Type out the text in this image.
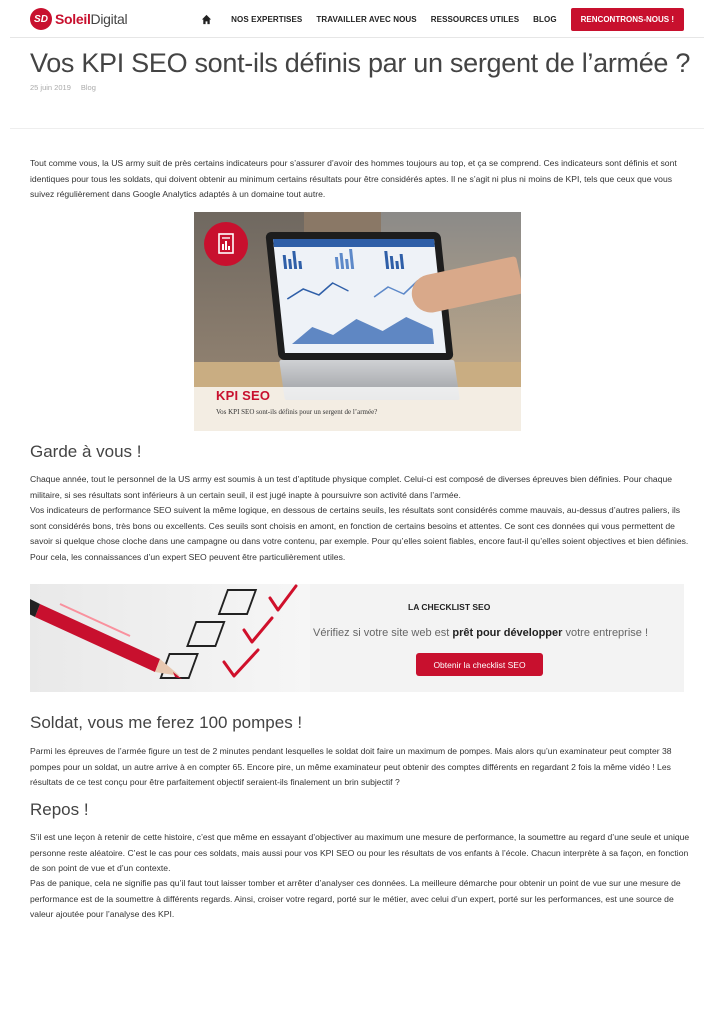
SD SoleilDigital	NOS EXPERTISES TRAVAILLER AVEC NOUS RESSOURCES UTILES BLOG	RENCONTRONS-NOUS !
Vos KPI SEO sont-ils définis par un sergent de l’armée ?
25 juin 2019 Blog

Tout comme vous, la US army suit de près certains indicateurs pour s’assurer d’avoir des hommes toujours au top, et ça se comprend. Ces indicateurs sont définis et sont identiques pour tous les soldats, qui doivent obtenir au minimum certains résultats pour être considérés aptes. Il ne s’agit ni plus ni moins de KPI, tels que ceux que vous suivez régulièrement dans Google Analytics adaptés à un domaine tout autre.

KPI SEO
Vos KPI SEO sont-ils définis pour un sergent de l’armée?
Garde à vous !

Chaque année, tout le personnel de la US army est soumis à un test d’aptitude physique complet. Celui-ci est composé de diverses épreuves bien définies. Pour chaque militaire, si ses résultats sont inférieurs à un certain seuil, il est jugé inapte à poursuivre son activité dans l’armée.

Vos indicateurs de performance SEO suivent la même logique, en dessous de certains seuils, les résultats sont considérés comme mauvais, au-dessus d’autres paliers, ils sont considérés bons, très bons ou excellents. Ces seuils sont choisis en amont, en fonction de certains besoins et attentes. Ce sont ces données qui vous permettent de savoir si quelque chose cloche dans une campagne ou dans votre contenu, par exemple. Pour qu’elles soient fiables, encore faut-il qu’elles soient objectives et bien définies. Pour cela, les connaissances d’un expert SEO peuvent être particulièrement utiles.

LA CHECKLIST SEO
Vérifiez si votre site web est prêt pour développer votre entreprise !
Obtenir la checklist SEO
Soldat, vous me ferez 100 pompes !

Parmi les épreuves de l’armée figure un test de 2 minutes pendant lesquelles le soldat doit faire un maximum de pompes. Mais alors qu’un examinateur peut compter 38 pompes pour un soldat, un autre arrive à en compter 65. Encore pire, un même examinateur peut obtenir des comptes différents en regardant 2 fois la même vidéo ! Les résultats de ce test conçu pour être parfaitement objectif seraient-ils finalement un brin subjectif ?

Repos !

S’il est une leçon à retenir de cette histoire, c’est que même en essayant d’objectiver au maximum une mesure de performance, la soumettre au regard d’une seule et unique personne reste aléatoire. C’est le cas pour ces soldats, mais aussi pour vos KPI SEO ou pour les résultats de vos enfants à l’école. Chacun interprète à sa façon, en fonction de son point de vue et d’un contexte.

Pas de panique, cela ne signifie pas qu’il faut tout laisser tomber et arrêter d’analyser ces données. La meilleure démarche pour obtenir un point de vue sur une mesure de performance est de la soumettre à différents regards. Ainsi, croiser votre regard, porté sur le métier, avec celui d’un expert, porté sur les performances, est une source de valeur ajoutée pour l’analyse des KPI.
